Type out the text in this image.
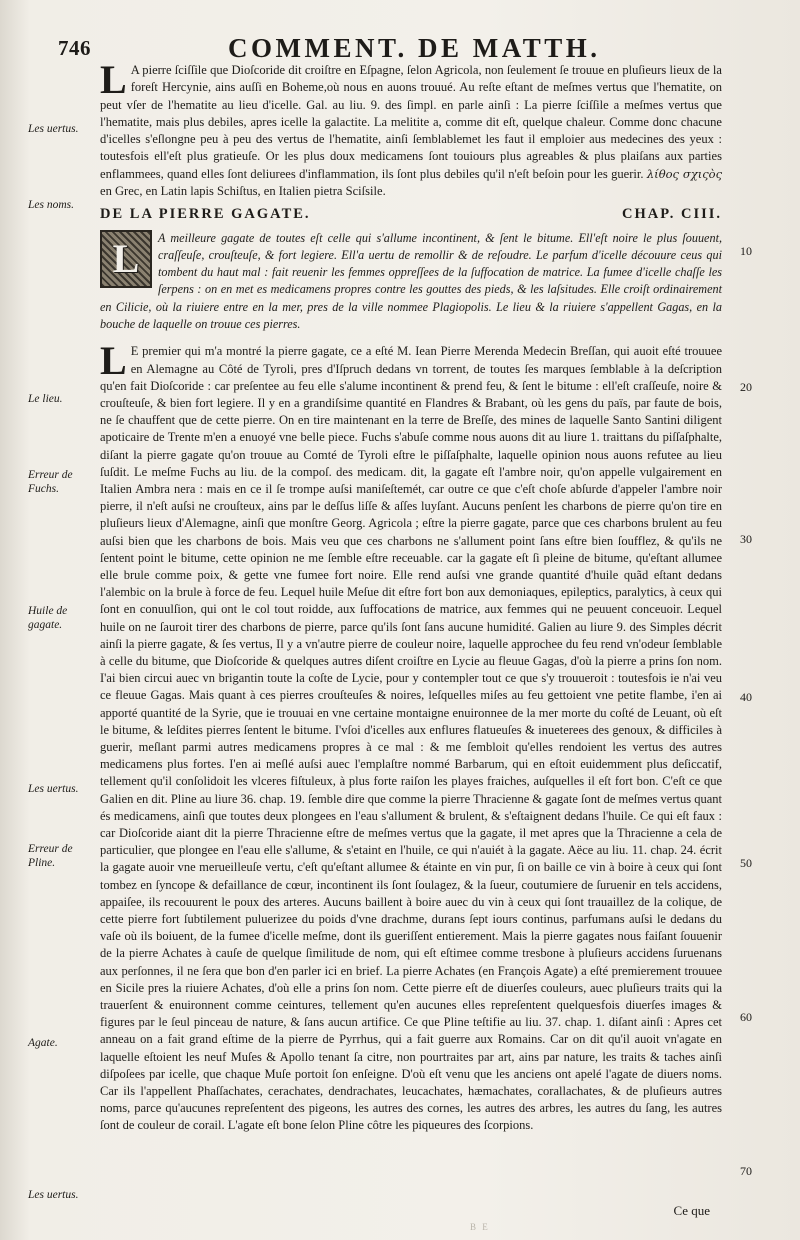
746	COMMENT. DE MATTH.

L A pierre ſciſſile que Dioſcoride dit croiſtre en Eſpagne, ſelon Agricola, non ſeulement ſe trouue en pluſieurs lieux de la foreſt Hercynie, ains auſſi en Boheme,où nous en auons trouué. Au reſte eſtant de meſmes vertus que l'hematite, on peut vſer de l'hematite au lieu d'icelle. Gal. au liu. 9. des ſimpl. en parle ainſi : La pierre ſciſſile a meſmes vertus que l'hematite, mais plus debiles, apres icelle la galactite. La melitite a, comme dit eſt, quelque chaleur. Comme donc chacune d'icelles s'eſlongne peu à peu des vertus de l'hematite, ainſi ſemblablemet les faut il emploier aus medecines des yeux : toutesfois ell'eſt plus gratieuſe. Or les plus doux medicamens ſont touiours plus agreables & plus plaiſans aux parties enflammees, quand elles ſont deliurees d'inflammation, ils ſont plus debiles qu'il n'eſt beſoin pour les guerir. λίθος σχιςὸς en Grec, en Latin lapis Schiſtus, en Italien pietra Sciſsile.

DE LA PIERRE GAGATE.	CHAP. CIII.
L A meilleure gagate de toutes eſt celle qui s'allume incontinent, & ſent le bitume. Ell'eſt noire le plus ſouuent, craſſeuſe, crouſteuſe, & fort legiere. Ell'a uertu de remollir & de reſoudre. Le parfum d'icelle découure ceus qui tombent du haut mal : fait reuenir les femmes oppreſſees de la ſuffocation de matrice. La fumee d'icelle chaſſe les ſerpens : on en met es medicamens propres contre les gouttes des pieds, & les laſsitudes. Elle croiſt ordinairement en Cilicie, où la riuiere entre en la mer, pres de la ville nommee Plagiopolis. Le lieu & la riuiere s'appellent Gagas, en la bouche de laquelle on trouue ces pierres.
L E premier qui m'a montré la pierre gagate, ce a eſté M. Iean Pierre Merenda Medecin Breſſan, qui auoit eſté trouuee en Alemagne au Côté de Tyroli, pres d'Iſpruch dedans vn torrent, de toutes ſes marques ſemblable à la deſcription qu'en fait Dioſcoride : car preſentee au feu elle s'alume incontinent & prend feu, & ſent le bitume : ell'eſt craſſeuſe, noire & crouſteuſe, & bien fort legiere. Il y en a grandiſsime quantité en Flandres & Brabant, où les gens du païs, par faute de bois, ne ſe chauffent que de cette pierre. On en tire maintenant en la terre de Breſſe, des mines de laquelle Santo Santini diligent apoticaire de Trente m'en a enuoyé vne belle piece. Fuchs s'abuſe comme nous auons dit au liure 1. traittans du piſſaſphalte, diſant la pierre gagate qu'on trouue au Comté de Tyroli eſtre le piſſaſphalte, laquelle opinion nous auons refutee au lieu ſuſdit. Le meſme Fuchs au liu. de la compoſ. des medicam. dit, la gagate eſt l'ambre noir, qu'on appelle vulgairement en Italien Ambra nera : mais en ce il ſe trompe auſsi maniſeſtemét, car outre ce que c'eſt choſe abſurde d'appeler l'ambre noir pierre, il n'eſt auſsi ne crouſteux, ains par le deſſus liſſe & aſſes luyſant. Aucuns penſent les charbons de pierre qu'on tire en pluſieurs lieux d'Alemagne, ainſi que monſtre Georg. Agricola ; eſtre la pierre gagate, parce que ces charbons brulent au feu auſsi bien que les charbons de bois. Mais veu que ces charbons ne s'allument point ſans eſtre bien ſoufflez, & qu'ils ne ſentent point le bitume, cette opinion ne me ſemble eſtre receuable. car la gagate eſt ſi pleine de bitume, qu'eſtant allumee elle brule comme poix, & gette vne fumee fort noire. Elle rend auſsi vne grande quantité d'huile quãd eſtant dedans l'alembic on la brule à force de feu. Lequel huile Meſue dit eſtre fort bon aux demoniaques, epileptics, paralytics, à ceux qui ſont en conuulſion, qui ont le col tout roidde, aux ſuffocations de matrice, aux femmes qui ne peuuent conceuoir. Lequel huile on ne ſauroit tirer des charbons de pierre, parce qu'ils ſont ſans aucune humidité. Galien au liure 9. des Simples décrit ainſi la pierre gagate, & ſes vertus, Il y a vn'autre pierre de couleur noire, laquelle approchee du feu rend vn'odeur ſemblable à celle du bitume, que Dioſcoride & quelques autres diſent croiſtre en Lycie au fleuue Gagas, d'où la pierre a prins ſon nom. I'ai bien circui auec vn brigantin toute la coſte de Lycie, pour y contempler tout ce que s'y trouueroit : toutesfois ie n'ai veu ce fleuue Gagas. Mais quant à ces pierres crouſteuſes & noires, leſquelles miſes au feu gettoient vne petite flambe, i'en ai apporté quantité de la Syrie, que ie trouuai en vne certaine montaigne enuironnee de la mer morte du coſté de Leuant, où eſt le bitume, & leſdites pierres ſentent le bitume. I'vſoi d'icelles aux enflures flatueuſes & inueterees des genoux, & difficiles à guerir, meſlant parmi autres medicamens propres à ce mal : & me ſembloit qu'elles rendoient les vertus des autres medicamens plus fortes. I'en ai meſlé auſsi auec l'emplaſtre nommé Barbarum, qui en eſtoit euidemment plus deſiccatif, tellement qu'il conſolidoit les vlceres fiſtuleux, à plus forte raiſon les playes fraiches, auſquelles il eſt fort bon. C'eſt ce que Galien en dit. Pline au liure 36. chap. 19. ſemble dire que comme la pierre Thracienne & gagate ſont de meſmes vertus quant és medicamens, ainſi que toutes deux plongees en l'eau s'allument & brulent, & s'eſtaignent dedans l'huile. Ce qui eſt faux : car Dioſcoride aiant dit la pierre Thracienne eſtre de meſmes vertus que la gagate, il met apres que la Thracienne a cela de particulier, que plongee en l'eau elle s'allume, & s'etaint en l'huile, ce qui n'auiét à la gagate. Aëce au liu. 11. chap. 24. écrit la gagate auoir vne merueilleuſe vertu, c'eſt qu'eſtant allumee & étainte en vin pur, ſi on baille ce vin à boire à ceux qui ſont tombez en ſyncope & defaillance de cœur, incontinent ils ſont ſoulagez, & la ſueur, coutumiere de ſuruenir en tels accidens, appaiſee, ils recouurent le poux des arteres. Aucuns baillent à boire auec du vin à ceux qui ſont trauaillez de la colique, de cette pierre fort ſubtilement puluerizee du poids d'vne drachme, durans ſept iours continus, parfumans auſsi le dedans du vaſe où ils boiuent, de la fumee d'icelle meſme, dont ils gueriſſent entierement. Mais la pierre gagates nous faiſant ſouuenir de la pierre Achates à cauſe de quelque ſimilitude de nom, qui eſt eſtimee comme tresbone à pluſieurs accidens ſuruenans aux perſonnes, il ne ſera que bon d'en parler ici en brief. La pierre Achates (en François Agate) a eſté premierement trouuee en Sicile pres la riuiere Achates, d'où elle a prins ſon nom. Cette pierre eſt de diuerſes couleurs, auec pluſieurs traits qui la trauerſent & enuironnent comme ceintures, tellement qu'en aucunes elles repreſentent quelquesfois diuerſes images & figures par le ſeul pinceau de nature, & ſans aucun artifice. Ce que Pline teſtifie au liu. 37. chap. 1. diſant ainſi : Apres cet anneau on a fait grand eſtime de la pierre de Pyrrhus, qui a fait guerre aux Romains. Car on dit qu'il auoit vn'agate en laquelle eſtoient les neuf Muſes & Apollo tenant ſa citre, non pourtraites par art, ains par nature, les traits & taches ainſi diſpoſees par icelle, que chaque Muſe portoit ſon enſeigne. D'où eſt venu que les anciens ont apelé l'agate de diuers noms. Car ils l'appellent Phaſſachates, cerachates, dendrachates, leucachates, hæmachates, corallachates, & de pluſieurs autres noms, parce qu'aucunes repreſentent des pigeons, les autres des cornes, les autres des arbres, les autres du ſang, les autres ſont de couleur de corail. L'agate eſt bone ſelon Pline côtre les piqueures des ſcorpions.
Les uertus.
Les noms.
Le lieu.
Erreur de Fuchs.
Huile de gagate.
Les uertus.
Erreur de Pline.
Agate.
Les uertus.
10
20
30
40
50
60
70
Ce que
B E
